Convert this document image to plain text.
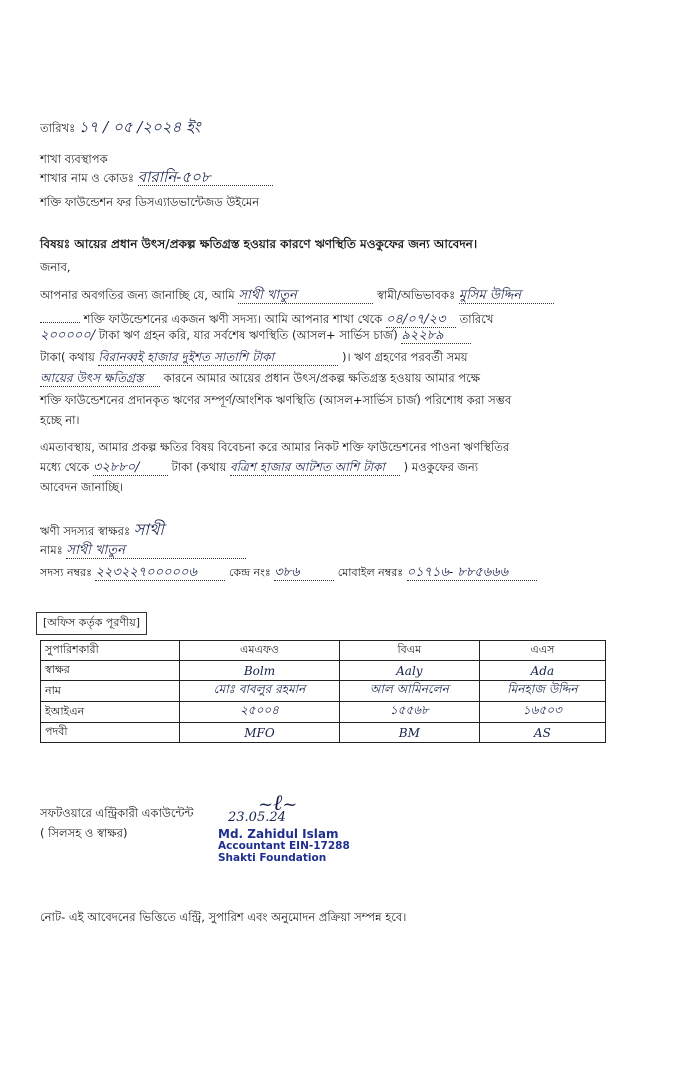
তারিখঃ ১৭ / ০৫ /২০২৪ ইং
শাখা ব্যবস্থাপক
শাখার নাম ও কোডঃ বারানি-৫০৮
শক্তি ফাউন্ডেশন ফর ডিসএ্যাডভান্টেজড উইমেন
বিষয়ঃ আয়ের প্রধান উৎস/প্রকল্প ক্ষতিগ্রস্ত হওয়ার কারণে ঋণস্থিতি মওকুফের জন্য আবেদন।
জনাব,
আপনার অবগতির জন্য জানাচ্ছি যে, আমি সাথী খাতুন	স্বামী/অভিভাবকঃ মুসিম উদ্দিন
শক্তি ফাউন্ডেশনের একজন ঋণী সদস্য। আমি আপনার শাখা থেকে ০৪/০৭/২৩ তারিখে
২০০০০০/ টাকা ঋণ গ্রহন করি, যার সর্বশেষ ঋণস্থিতি (আসল+ সার্ভিস চার্জ) ৯২২৮৯
টাকা( কথায় বিরানব্বই হাজার দুইশত সাতাশি টাকা	)। ঋণ গ্রহণের পরবর্তী সময়
আয়ের উৎস ক্ষতিগ্রস্ত কারনে আমার আয়ের প্রধান উৎস/প্রকল্প ক্ষতিগ্রস্ত হওয়ায় আমার পক্ষে
শক্তি ফাউন্ডেশনের প্রদানকৃত ঋণের সম্পূর্ণ/আংশিক ঋণস্থিতি (আসল+সার্ভিস চার্জ) পরিশোধ করা সম্ভব
হচ্ছে না।
এমতাবস্থায়, আমার প্রকল্প ক্ষতির বিষয় বিবেচনা করে আমার নিকট শক্তি ফাউন্ডেশনের পাওনা ঋণস্থিতির
মধ্যে থেকে ৩২৮৮০/	টাকা (কথায় বত্রিশ হাজার আটশত আশি টাকা ) মওকুফের জন্য
আবেদন জানাচ্ছি।
ঋণী সদস্যর স্বাক্ষরঃ সাথী
নামঃ সাথী খাতুন
সদস্য নম্বরঃ ২২৩২২৭০০০০০৬	কেন্দ্র নংঃ ৩৮৬	মোবাইল নম্বরঃ ০১৭১৬- ৮৮৫৬৬৬
[অফিস কর্তৃক পূরণীয়]
সুপারিশকারী	এমএফও	বিএম	এএস
স্বাক্ষর	Bolm	Aaly	Ada
নাম	মোঃ বাবলুর রহমান	আল আমিনলেন	মিনহাজ উদ্দিন
ইআইএন	২৫০০৪	১৫৫৬৮	১৬৫০৩
পদবী	MFO	BM	AS
সফটওয়ারে এন্ট্রিকারী একাউন্টেন্ট
( সিলসহ ও স্বাক্ষর)
~ℓ~
23.05.24
Md. Zahidul Islam
Accountant EIN-17288
Shakti Foundation
নোট- এই আবেদনের ভিত্তিতে এন্ট্রি, সুপারিশ এবং অনুমোদন প্রক্রিয়া সম্পন্ন হবে।
